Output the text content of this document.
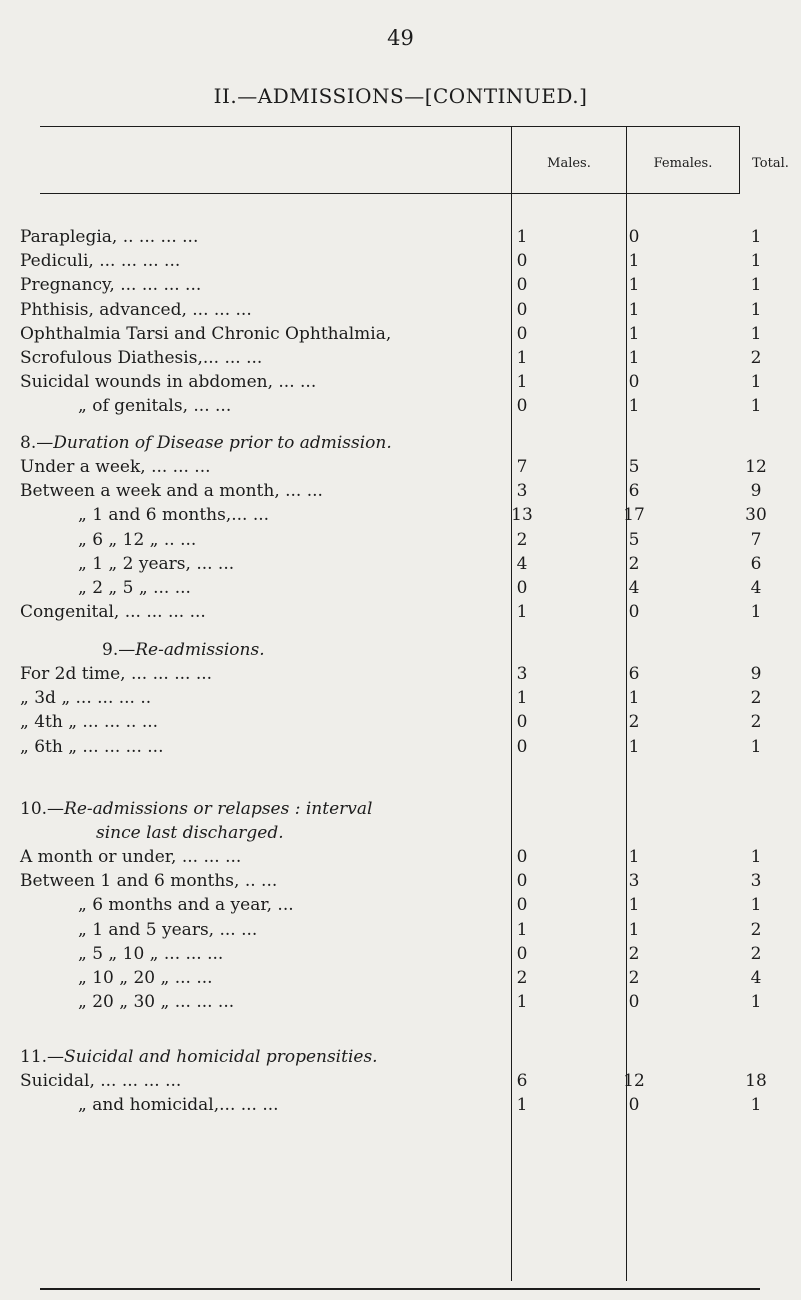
49
II.—ADMISSIONS—[CONTINUED.]
Males.	Females.	Total.
Paraplegia, .. ... ... ...	1	0	1
Pediculi, ... ... ... ...	0	1	1
Pregnancy, ... ... ... ...	0	1	1
Phthisis, advanced, ... ... ...	0	1	1
Ophthalmia Tarsi and Chronic Ophthalmia,	0	1	1
Scrofulous Diathesis,... ... ...	1	1	2
Suicidal wounds in abdomen, ... ...	1	0	1
„ of genitals, ... ...	0	1	1
8.—Duration of Disease prior to admission.
Under a week, ... ... ...	7	5	12
Between a week and a month, ... ...	3	6	9
„ 1 and 6 months,... ...	13	17	30
„ 6 „ 12 „ .. ...	2	5	7
„ 1 „ 2 years, ... ...	4	2	6
„ 2 „ 5 „ ... ...	0	4	4
Congenital, ... ... ... ...	1	0	1
9.—Re-admissions.
For 2d time, ... ... ... ...	3	6	9
„ 3d „ ... ... ... ..	1	1	2
„ 4th „ ... ... .. ...	0	2	2
„ 6th „ ... ... ... ...	0	1	1
10.—Re-admissions or relapses : interval
since last discharged.
A month or under, ... ... ...	0	1	1
Between 1 and 6 months, .. ...	0	3	3
„ 6 months and a year, ...	0	1	1
„ 1 and 5 years, ... ...	1	1	2
„ 5 „ 10 „ ... ... ...	0	2	2
„ 10 „ 20 „ ... ...	2	2	4
„ 20 „ 30 „ ... ... ...	1	0	1
11.—Suicidal and homicidal propensities.
Suicidal, ... ... ... ...	6	12	18
„ and homicidal,... ... ...	1	0	1
